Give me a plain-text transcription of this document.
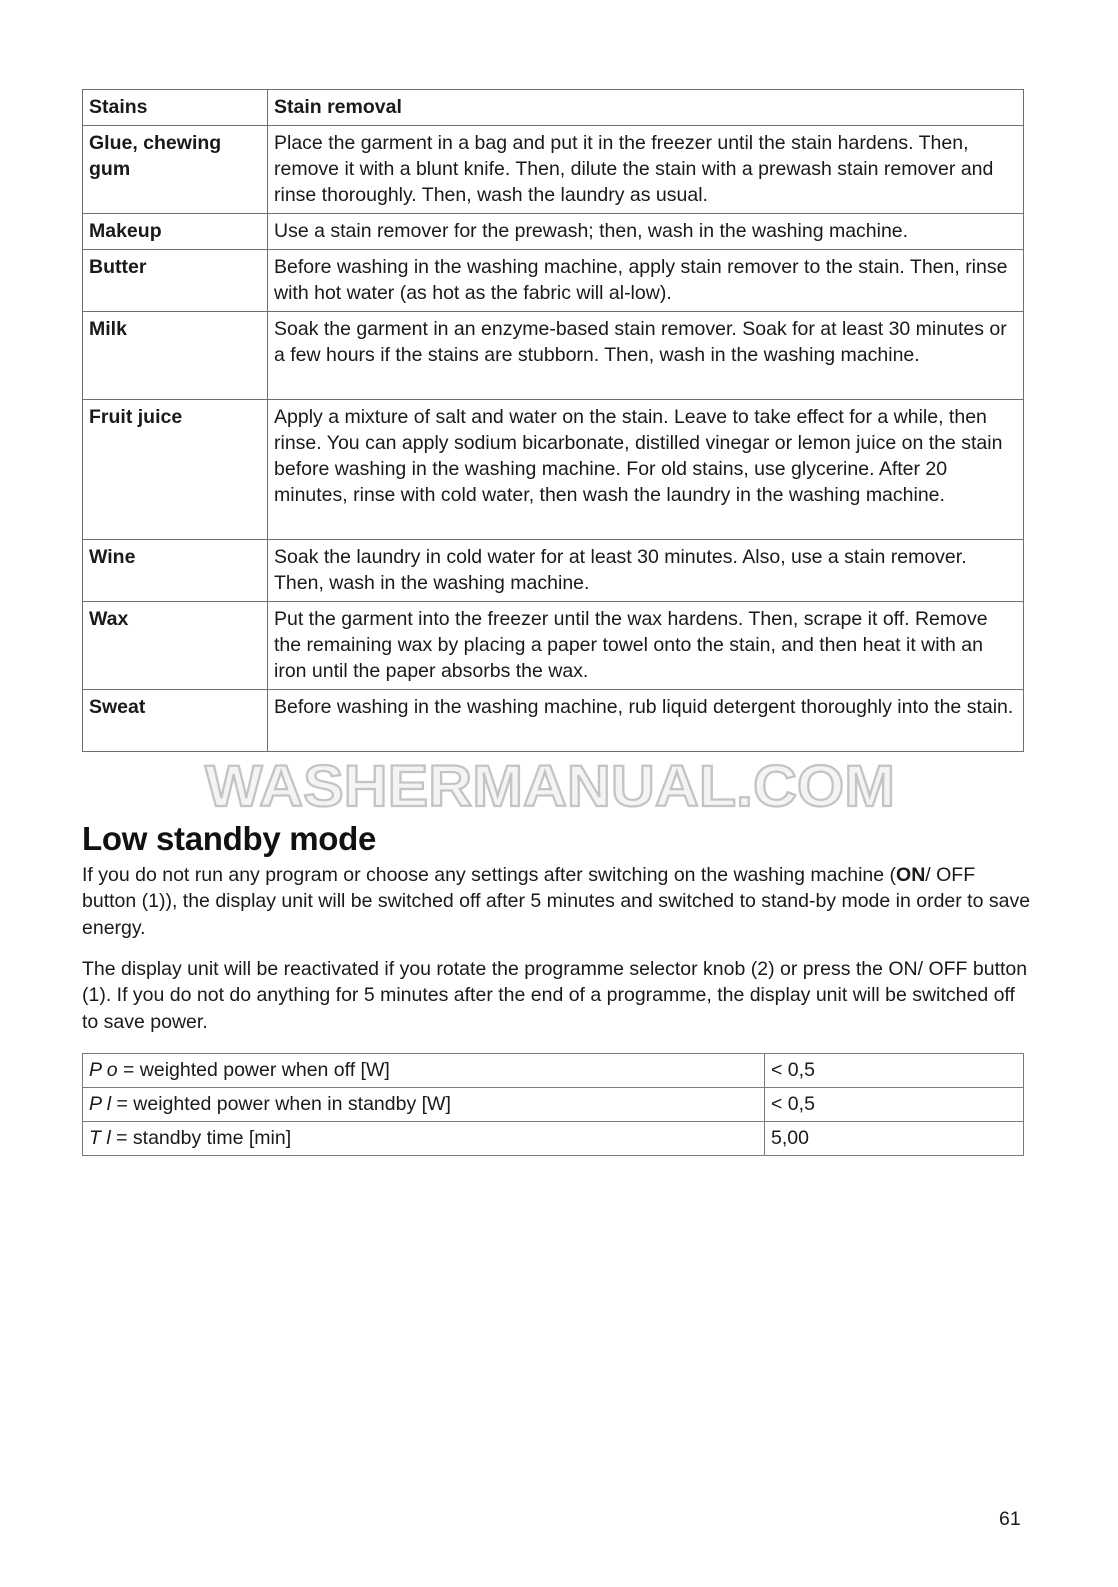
Stains	Stain removal
Glue, chewing gum	Place the garment in a bag and put it in the freezer until the stain hardens. Then, remove it with a blunt knife. Then, dilute the stain with a prewash stain remover and rinse thoroughly. Then, wash the laundry as usual.
Makeup	Use a stain remover for the prewash; then, wash in the washing machine.
Butter	Before washing in the washing machine, apply stain remover to the stain. Then, rinse with hot water (as hot as the fabric will al-low).
Milk	Soak the garment in an enzyme-based stain remover. Soak for at least 30 minutes or a few hours if the stains are stubborn. Then, wash in the washing machine.
Fruit juice	Apply a mixture of salt and water on the stain. Leave to take effect for a while, then rinse. You can apply sodium bicarbonate, distilled vinegar or lemon juice on the stain before washing in the washing machine. For old stains, use glycerine. After 20 minutes, rinse with cold water, then wash the laundry in the washing machine.
Wine	Soak the laundry in cold water for at least 30 minutes. Also, use a stain remover. Then, wash in the washing machine.
Wax	Put the garment into the freezer until the wax hardens. Then, scrape it off. Remove the remaining wax by placing a paper towel onto the stain, and then heat it with an iron until the paper absorbs the wax.
Sweat	Before washing in the washing machine, rub liquid detergent thoroughly into the stain.
WASHERMANUAL.COM
Low standby mode

If you do not run any program or choose any settings after switching on the washing machine (ON/ OFF button (1)), the display unit will be switched off after 5 minutes and switched to stand-by mode in order to save energy.

The display unit will be reactivated if you rotate the programme selector knob (2) or press the ON/ OFF button (1). If you do not do anything for 5 minutes after the end of a programme, the display unit will be switched off to save power.

P o = weighted power when off [W]	< 0,5
P l = weighted power when in standby [W]	< 0,5
T l = standby time [min]	5,00
61
